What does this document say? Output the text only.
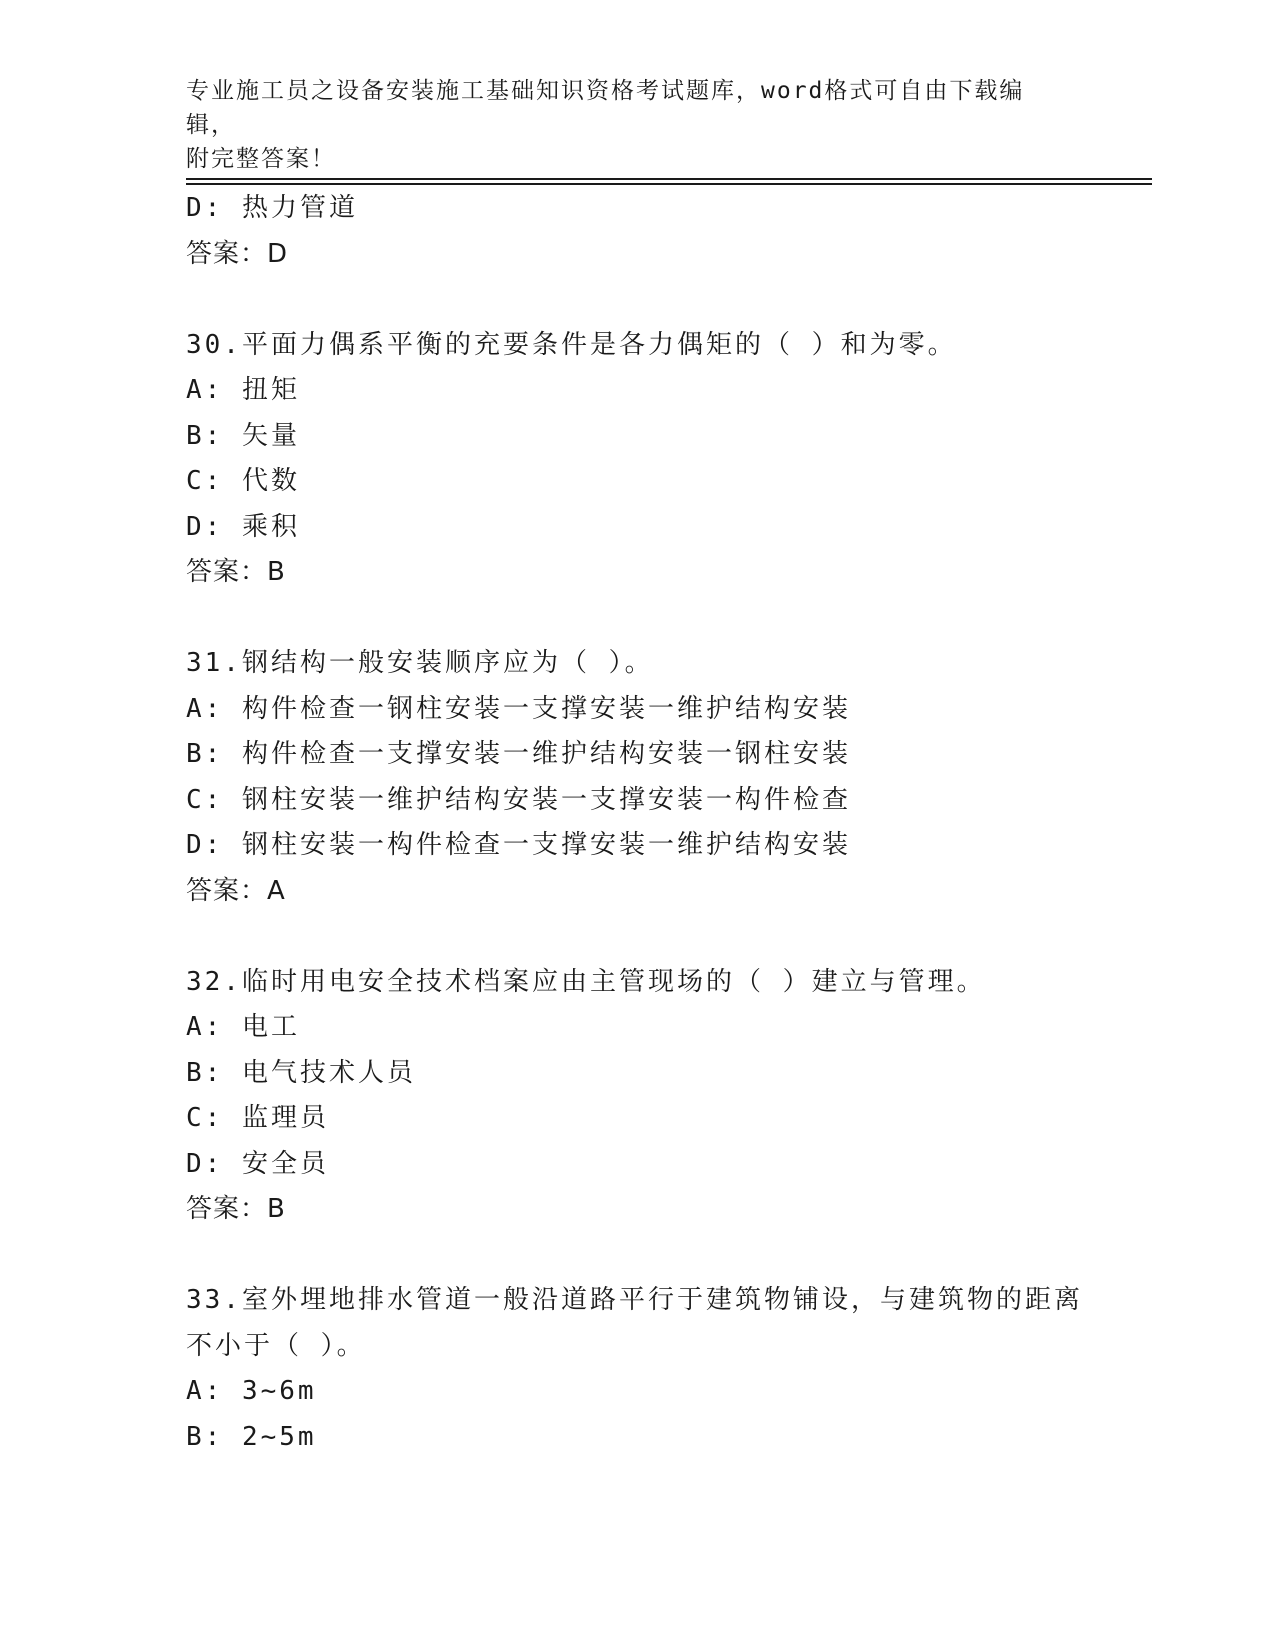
专业施工员之设备安装施工基础知识资格考试题库，word格式可自由下载编辑，
附完整答案！
D: 热力管道
答案：D
30.平面力偶系平衡的充要条件是各力偶矩的（ ）和为零。
A: 扭矩
B: 矢量
C: 代数
D: 乘积
答案：B
31.钢结构一般安装顺序应为（ ）。
A: 构件检查一钢柱安装一支撑安装一维护结构安装
B: 构件检查一支撑安装一维护结构安装一钢柱安装
C: 钢柱安装一维护结构安装一支撑安装一构件检查
D: 钢柱安装一构件检查一支撑安装一维护结构安装
答案：A
32.临时用电安全技术档案应由主管现场的（ ）建立与管理。
A: 电工
B: 电气技术人员
C: 监理员
D: 安全员
答案：B
33.室外埋地排水管道一般沿道路平行于建筑物铺设，与建筑物的距离
不小于（ ）。
A: 3~6m
B: 2~5m
